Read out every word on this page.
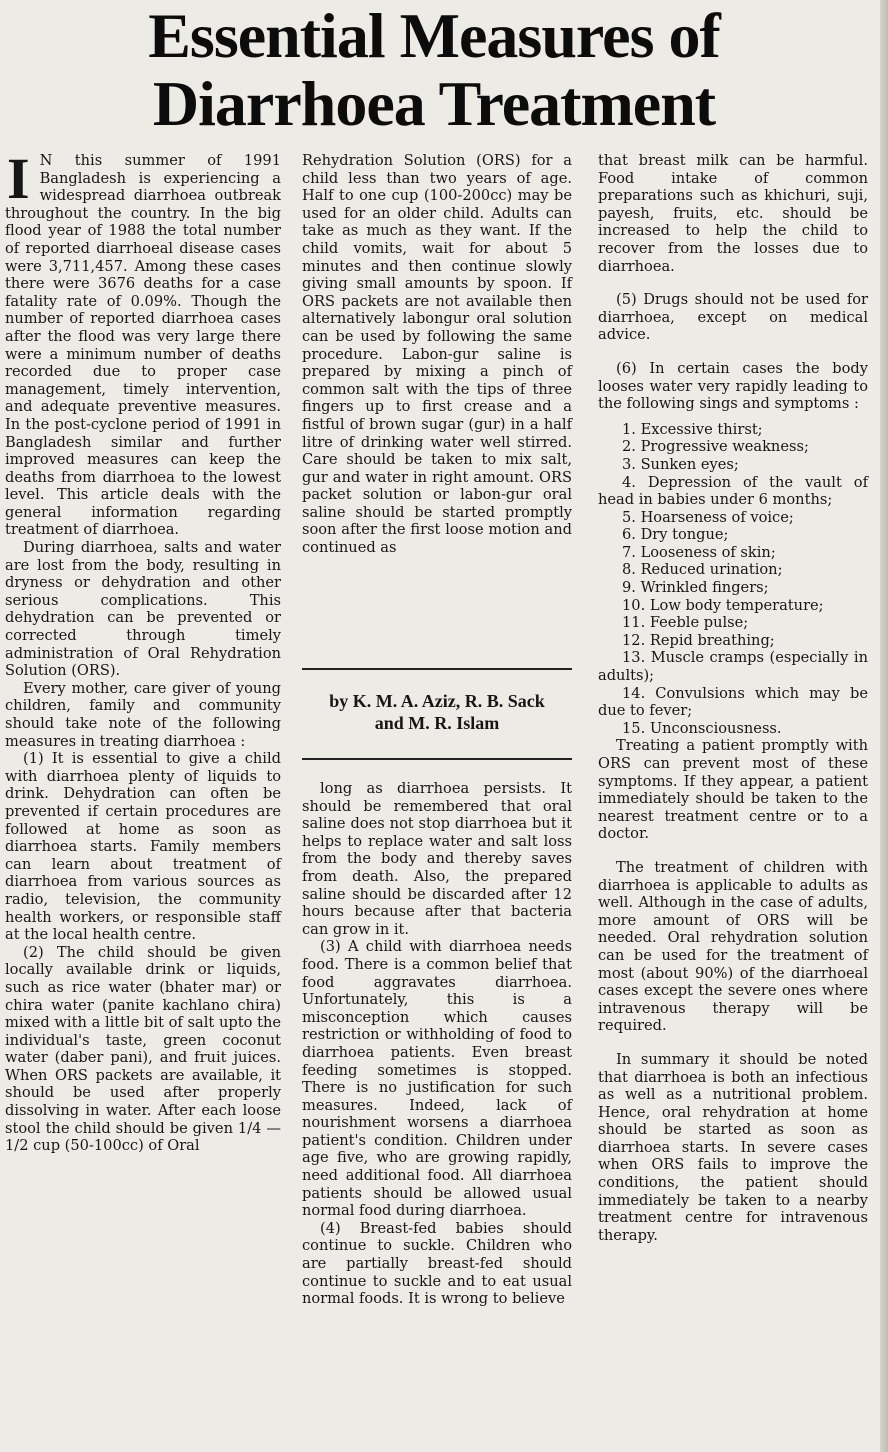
Essential Measures of
Diarrhoea Treatment

I N this summer of 1991 Bangladesh is experiencing a widespread diarrhoea outbreak throughout the country. In the big flood year of 1988 the total number of reported diarrhoeal disease cases were 3,711,457. Among these cases there were 3676 deaths for a case fatality rate of 0.09%. Though the number of reported diarrhoea cases after the flood was very large there were a minimum number of deaths recorded due to proper case management, timely intervention, and adequate preventive measures. In the post-cyclone period of 1991 in Bangladesh similar and further improved measures can keep the deaths from diarrhoea to the lowest level. This article deals with the general information regarding treatment of diarrhoea.

During diarrhoea, salts and water are lost from the body, resulting in dryness or dehydration and other serious complications. This dehydration can be prevented or corrected through timely administration of Oral Rehydration Solution (ORS).

Every mother, care giver of young children, family and community should take note of the following measures in treating diarrhoea :

(1) It is essential to give a child with diarrhoea plenty of liquids to drink. Dehydration can often be prevented if certain procedures are followed at home as soon as diarrhoea starts. Family members can learn about treatment of diarrhoea from various sources as radio, television, the community health workers, or responsible staff at the local health centre.

(2) The child should be given locally available drink or liquids, such as rice water (bhater mar) or chira water (panite kachlano chira) mixed with a little bit of salt upto the individual's taste, green coconut water (daber pani), and fruit juices. When ORS packets are available, it should be used after properly dissolving in water. After each loose stool the child should be given 1/4 — 1/2 cup (50-100cc) of Oral

Rehydration Solution (ORS) for a child less than two years of age. Half to one cup (100-200cc) may be used for an older child. Adults can take as much as they want. If the child vomits, wait for about 5 minutes and then continue slowly giving small amounts by spoon. If ORS packets are not available then alternatively labongur oral solution can be used by following the same procedure. Labon-gur saline is prepared by mixing a pinch of common salt with the tips of three fingers up to first crease and a fistful of brown sugar (gur) in a half litre of drinking water well stirred. Care should be taken to mix salt, gur and water in right amount. ORS packet solution or labon-gur oral saline should be started promptly soon after the first loose motion and continued as

by K. M. A. Aziz, R. B. Sack
and M. R. Islam

long as diarrhoea persists. It should be remembered that oral saline does not stop diarrhoea but it helps to replace water and salt loss from the body and thereby saves from death. Also, the prepared saline should be discarded after 12 hours because after that bacteria can grow in it.

(3) A child with diarrhoea needs food. There is a common belief that food aggravates diarrhoea. Unfortunately, this is a misconception which causes restriction or withholding of food to diarrhoea patients. Even breast feeding sometimes is stopped. There is no justification for such measures. Indeed, lack of nourishment worsens a diarrhoea patient's condition. Children under age five, who are growing rapidly, need additional food. All diarrhoea patients should be allowed usual normal food during diarrhoea.

(4) Breast-fed babies should continue to suckle. Children who are partially breast-fed should continue to suckle and to eat usual normal foods. It is wrong to believe

that breast milk can be harmful. Food intake of common preparations such as khichuri, suji, payesh, fruits, etc. should be increased to help the child to recover from the losses due to diarrhoea.

(5) Drugs should not be used for diarrhoea, except on medical advice.

(6) In certain cases the body looses water very rapidly leading to the following sings and symptoms :

1. Excessive thirst;
2. Progressive weakness;
3. Sunken eyes;
4. Depression of the vault of head in babies under 6 months;
5. Hoarseness of voice;
6. Dry tongue;
7. Looseness of skin;
8. Reduced urination;
9. Wrinkled fingers;
10. Low body temperature;
11. Feeble pulse;
12. Repid breathing;
13. Muscle cramps (especially in adults);
14. Convulsions which may be due to fever;
15. Unconsciousness.

Treating a patient promptly with ORS can prevent most of these symptoms. If they appear, a patient immediately should be taken to the nearest treatment centre or to a doctor.

The treatment of children with diarrhoea is applicable to adults as well. Although in the case of adults, more amount of ORS will be needed. Oral rehydration solution can be used for the treatment of most (about 90%) of the diarrhoeal cases except the severe ones where intravenous therapy will be required.

In summary it should be noted that diarrhoea is both an infectious as well as a nutritional problem. Hence, oral rehydration at home should be started as soon as diarrhoea starts. In severe cases when ORS fails to improve the conditions, the patient should immediately be taken to a nearby treatment centre for intravenous therapy.
